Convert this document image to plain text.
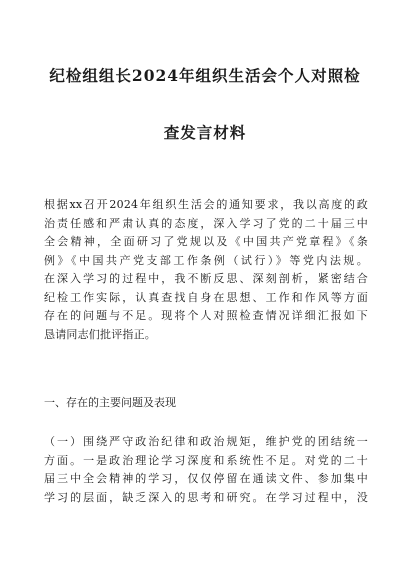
纪检组组长2024年组织生活会个人对照检

查发言材料

根据xx召开2024年组织生活会的通知要求，我以高度的政
治责任感和严肃认真的态度，深入学习了党的二十届三中
全会精神，全面研习了党规以及《中国共产党章程》《条
例》《中国共产党支部工作条例（试行）》等党内法规。
在深入学习的过程中，我不断反思、深刻剖析，紧密结合
纪检工作实际，认真查找自身在思想、工作和作风等方面
存在的问题与不足。现将个人对照检查情况详细汇报如下
恳请同志们批评指正。
一、存在的主要问题及表现
（一）围绕严守政治纪律和政治规矩，维护党的团结统一
方面。一是政治理论学习深度和系统性不足。对党的二十
届三中全会精神的学习，仅仅停留在通读文件、参加集中
学习的层面，缺乏深入的思考和研究。在学习过程中，没
